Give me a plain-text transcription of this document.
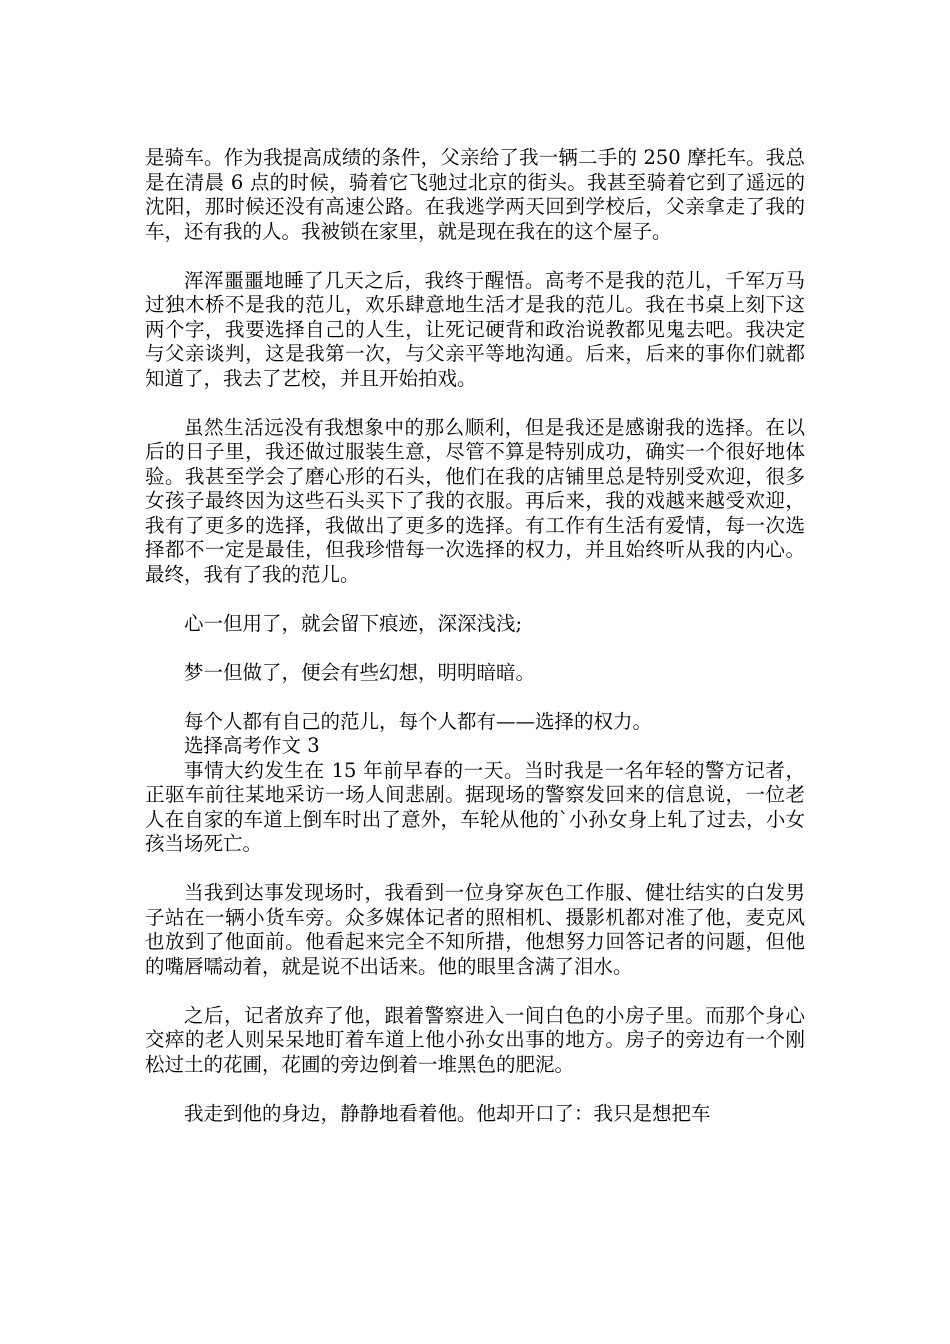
是骑车。作为我提高成绩的条件，父亲给了我一辆二手的 250 摩托车。我总是在清晨 6 点的时候，骑着它飞驰过北京的街头。我甚至骑着它到了遥远的沈阳，那时候还没有高速公路。在我逃学两天回到学校后，父亲拿走了我的车，还有我的人。我被锁在家里，就是现在我在的这个屋子。

浑浑噩噩地睡了几天之后，我终于醒悟。高考不是我的范儿，千军万马过独木桥不是我的范儿，欢乐肆意地生活才是我的范儿。我在书桌上刻下这两个字，我要选择自己的人生，让死记硬背和政治说教都见鬼去吧。我决定与父亲谈判，这是我第一次，与父亲平等地沟通。后来，后来的事你们就都知道了，我去了艺校，并且开始拍戏。

虽然生活远没有我想象中的那么顺利，但是我还是感谢我的选择。在以后的日子里，我还做过服装生意，尽管不算是特别成功，确实一个很好地体验。我甚至学会了磨心形的石头，他们在我的店铺里总是特别受欢迎，很多女孩子最终因为这些石头买下了我的衣服。再后来，我的戏越来越受欢迎，我有了更多的选择，我做出了更多的选择。有工作有生活有爱情，每一次选择都不一定是最佳，但我珍惜每一次选择的权力，并且始终听从我的内心。最终，我有了我的范儿。

心一但用了，就会留下痕迹，深深浅浅;

梦一但做了，便会有些幻想，明明暗暗。

每个人都有自己的范儿，每个人都有——选择的权力。

选择高考作文 3

事情大约发生在 15 年前早春的一天。当时我是一名年轻的警方记者，正驱车前往某地采访一场人间悲剧。据现场的警察发回来的信息说，一位老人在自家的车道上倒车时出了意外，车轮从他的`小孙女身上轧了过去，小女孩当场死亡。

当我到达事发现场时，我看到一位身穿灰色工作服、健壮结实的白发男子站在一辆小货车旁。众多媒体记者的照相机、摄影机都对准了他，麦克风也放到了他面前。他看起来完全不知所措，他想努力回答记者的问题，但他的嘴唇嚅动着，就是说不出话来。他的眼里含满了泪水。

之后，记者放弃了他，跟着警察进入一间白色的小房子里。而那个身心交瘁的老人则呆呆地盯着车道上他小孙女出事的地方。房子的旁边有一个刚松过土的花圃，花圃的旁边倒着一堆黑色的肥泥。

我走到他的身边，静静地看着他。他却开口了：我只是想把车
